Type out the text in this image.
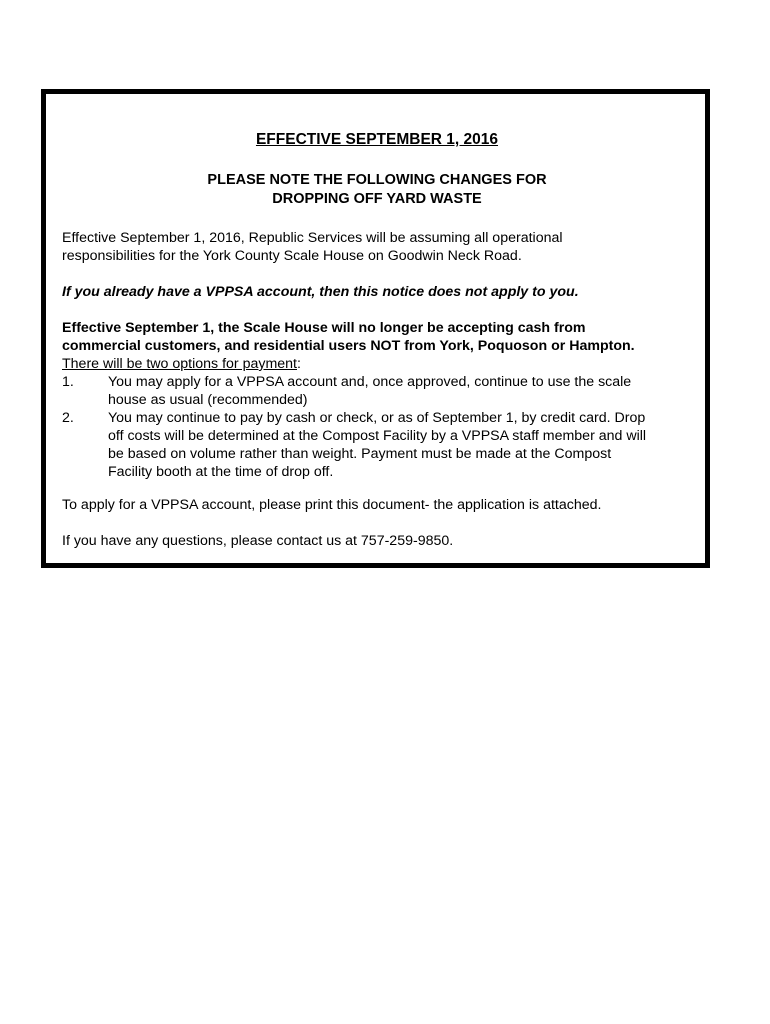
EFFECTIVE SEPTEMBER 1, 2016
PLEASE NOTE THE FOLLOWING CHANGES FOR
DROPPING OFF YARD WASTE

Effective September 1, 2016, Republic Services will be assuming all operational
responsibilities for the York County Scale House on Goodwin Neck Road.

If you already have a VPPSA account, then this notice does not apply to you.

Effective September 1, the Scale House will no longer be accepting cash from
commercial customers, and residential users NOT from York, Poquoson or Hampton.

There will be two options for payment:

1. You may apply for a VPPSA account and, once approved, continue to use the scale
house as usual (recommended)
2. You may continue to pay by cash or check, or as of September 1, by credit card. Drop
off costs will be determined at the Compost Facility by a VPPSA staff member and will
be based on volume rather than weight. Payment must be made at the Compost
Facility booth at the time of drop off.

To apply for a VPPSA account, please print this document- the application is attached.

If you have any questions, please contact us at 757-259-9850.
